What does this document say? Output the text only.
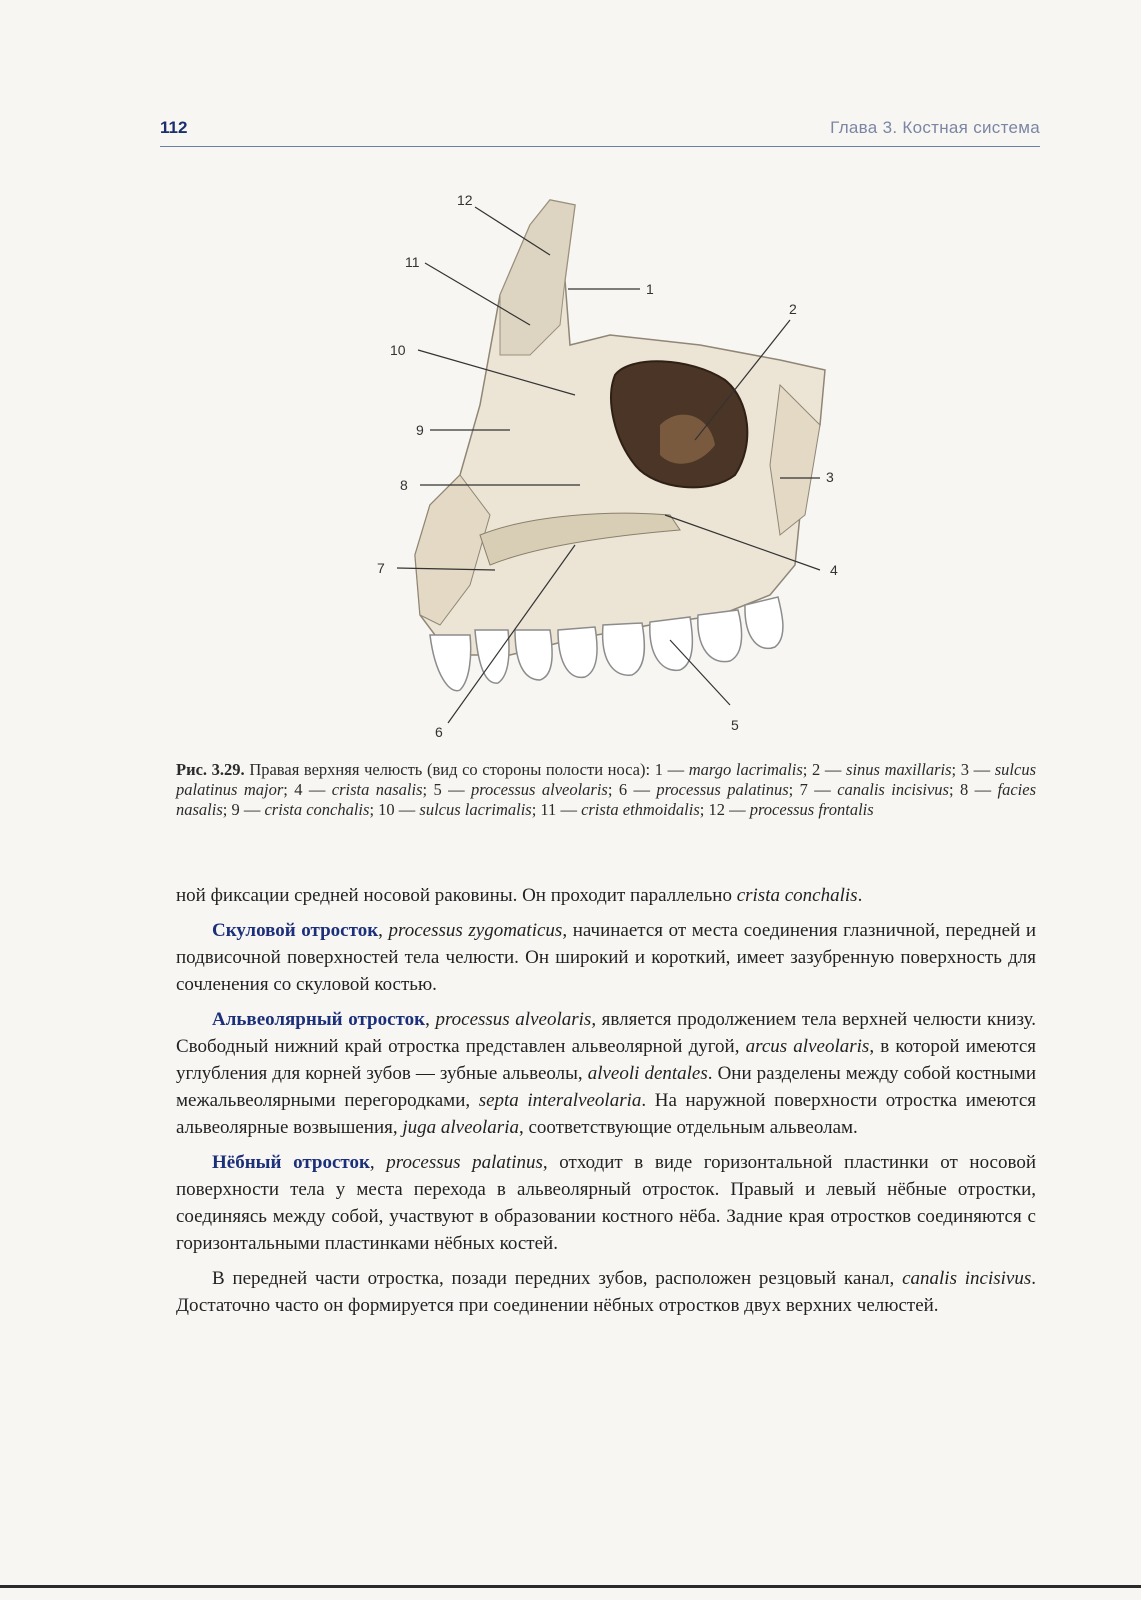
112	Глава 3. Костная система
12
1
2
3
4
5
6
7
8
9
10
11
Рис. 3.29. Правая верхняя челюсть (вид со стороны полости носа): 1 — margo lacrimalis; 2 — sinus maxillaris; 3 — sulcus palatinus major; 4 — crista nasalis; 5 — processus alveolaris; 6 — processus palatinus; 7 — canalis incisivus; 8 — facies nasalis; 9 — crista conchalis; 10 — sulcus lacrimalis; 11 — crista ethmoidalis; 12 — processus frontalis

ной фиксации средней носовой раковины. Он проходит параллельно crista conchalis.

Скуловой отросток, processus zygomaticus, начинается от места соединения глазничной, передней и подвисочной поверхностей тела челюсти. Он широкий и короткий, имеет зазубренную поверхность для сочленения со скуловой костью.

Альвеолярный отросток, processus alveolaris, является продолжением тела верхней челюсти книзу. Свободный нижний край отростка представлен альвеолярной дугой, arcus alveolaris, в которой имеются углубления для корней зубов — зубные альвеолы, alveoli dentales. Они разделены между собой костными межальвеолярными перегородками, septa interalveolaria. На наружной поверхности отростка имеются альвеолярные возвышения, juga alveolaria, соответствующие отдельным альвеолам.

Нёбный отросток, processus palatinus, отходит в виде горизонтальной пластинки от носовой поверхности тела у места перехода в альвеолярный отросток. Правый и левый нёбные отростки, соединяясь между собой, участвуют в образовании костного нёба. Задние края отростков соединяются с горизонтальными пластинками нёбных костей.

В передней части отростка, позади передних зубов, расположен резцовый канал, canalis incisivus. Достаточно часто он формируется при соединении нёбных отростков двух верхних челюстей.
